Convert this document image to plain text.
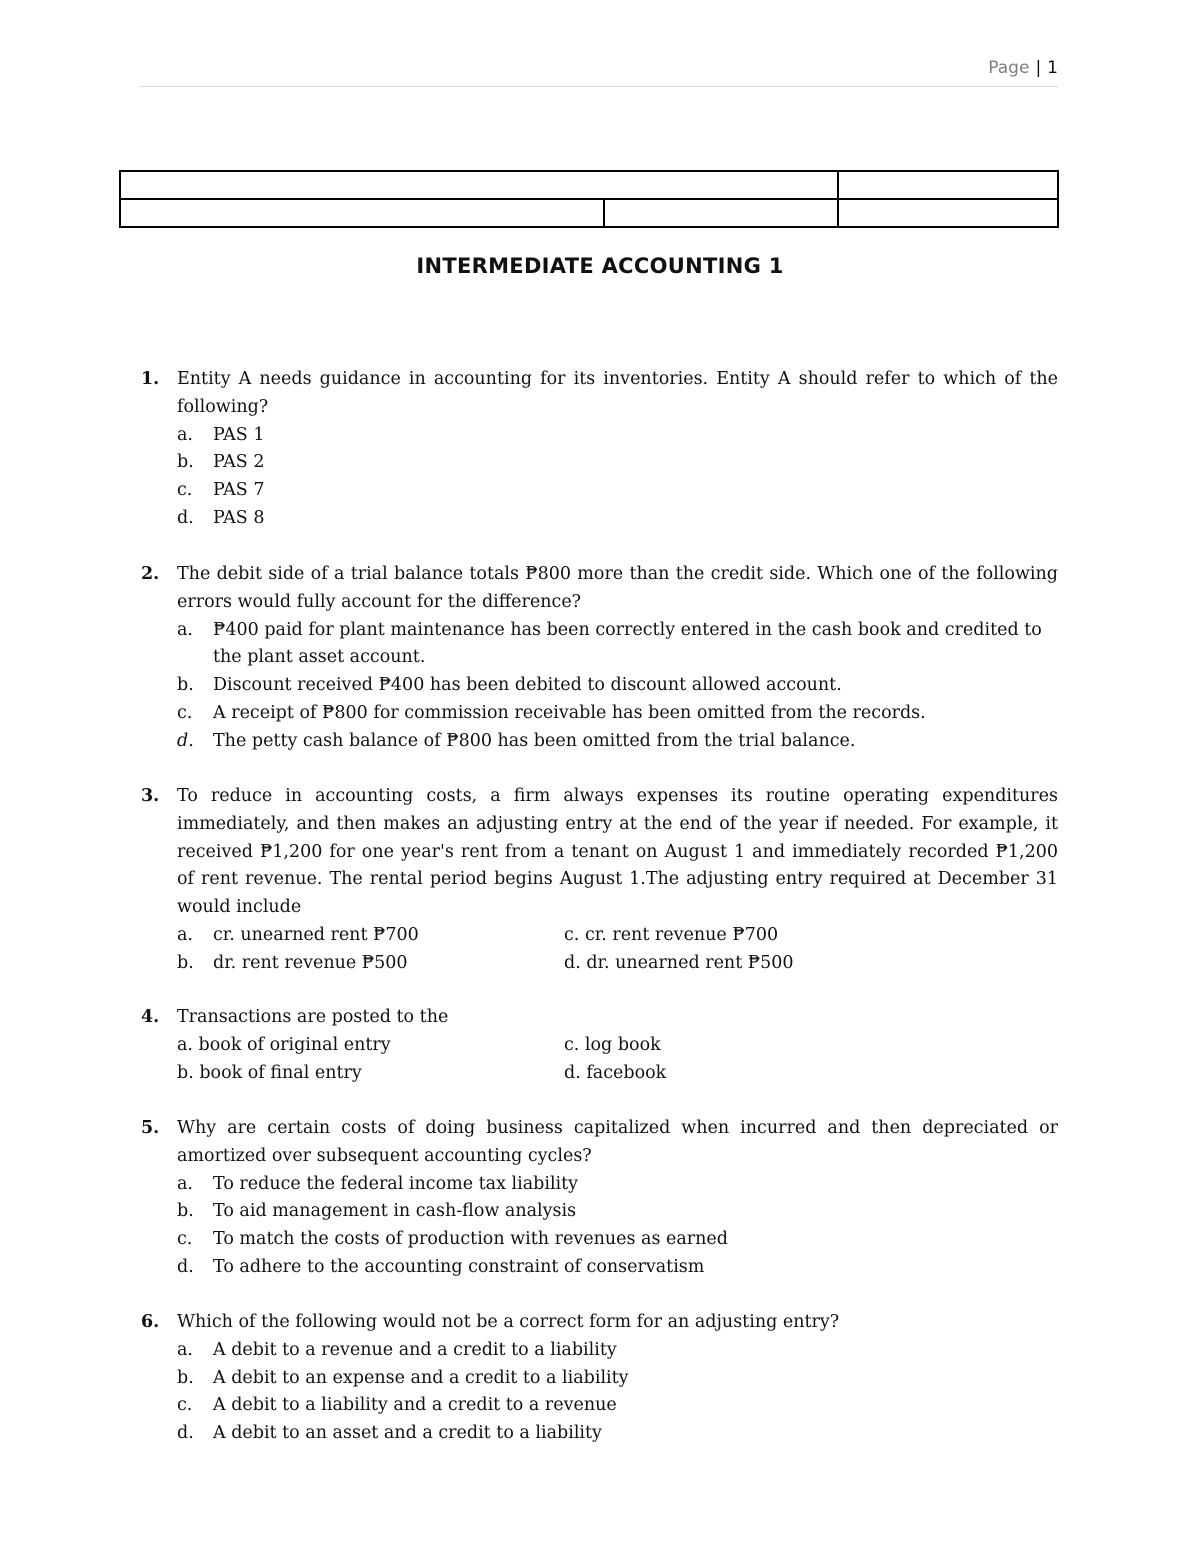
Page | 1

INTERMEDIATE ACCOUNTING 1
1. Entity A needs guidance in accounting for its inventories. Entity A should refer to which of the following?
a. PAS 1
b. PAS 2
c. PAS 7
d. PAS 8
2. The debit side of a trial balance totals ₱800 more than the credit side. Which one of the following errors would fully account for the difference?
a. ₱400 paid for plant maintenance has been correctly entered in the cash book and credited to the plant asset account.
b. Discount received ₱400 has been debited to discount allowed account.
c. A receipt of ₱800 for commission receivable has been omitted from the records.
d. The petty cash balance of ₱800 has been omitted from the trial balance.
3. To reduce in accounting costs, a firm always expenses its routine operating expenditures immediately, and then makes an adjusting entry at the end of the year if needed. For example, it received ₱1,200 for one year's rent from a tenant on August 1 and immediately recorded ₱1,200 of rent revenue. The rental period begins August 1.The adjusting entry required at December 31 would include
a. cr. unearned rent ₱700	c. cr. rent revenue ₱700
b. dr. rent revenue ₱500	d. dr. unearned rent ₱500
4. Transactions are posted to the
a. book of original entry	c. log book
b. book of final entry	d. facebook
5. Why are certain costs of doing business capitalized when incurred and then depreciated or amortized over subsequent accounting cycles?
a. To reduce the federal income tax liability
b. To aid management in cash-flow analysis
c. To match the costs of production with revenues as earned
d. To adhere to the accounting constraint of conservatism
6. Which of the following would not be a correct form for an adjusting entry?
a. A debit to a revenue and a credit to a liability
b. A debit to an expense and a credit to a liability
c. A debit to a liability and a credit to a revenue
d. A debit to an asset and a credit to a liability
